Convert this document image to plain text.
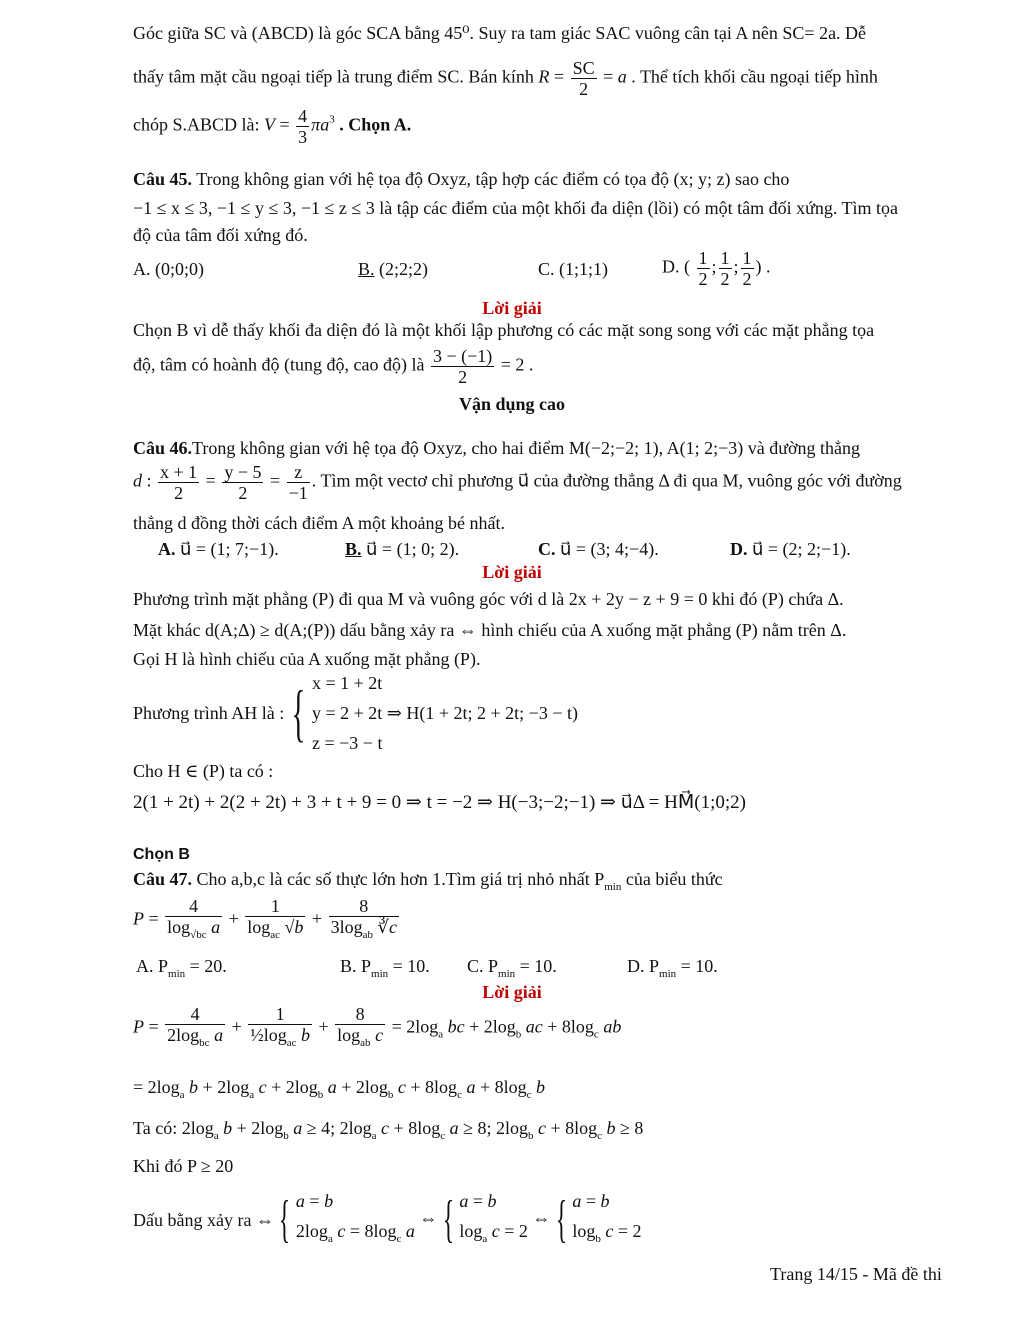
Góc giữa SC và (ABCD) là góc SCA bằng 45⁰. Suy ra tam giác SAC vuông cân tại A nên SC= 2a. Dễ
thấy tâm mặt cầu ngoại tiếp là trung điểm SC. Bán kính $R = \frac{SC}{2} = a$ . Thể tích khối cầu ngoại tiếp hình
chóp S.ABCD là: $V = \frac{4}{3} \pi a^3$ . Chọn A.
Câu 45. Trong không gian với hệ tọa độ Oxyz, tập hợp các điểm có tọa độ (x; y; z) sao cho
−1 ≤ x ≤ 3, −1 ≤ y ≤ 3, −1 ≤ z ≤ 3 là tập các điểm của một khối đa diện (lồi) có một tâm đối xứng. Tìm tọa
độ của tâm đối xứng đó.
A. (0;0;0)	B. (2;2;2)	C. (1;1;1)	D. ( $\frac{1}{2}$ ; $\frac{1}{2}$ ; $\frac{1}{2}$ ) .
Lời giải
Chọn B vì dễ thấy khối đa diện đó là một khối lập phương có các mặt song song với các mặt phẳng tọa
độ, tâm có hoành độ (tung độ, cao độ) là $\frac{3 - (-1)}{2} = 2$ .
Vận dụng cao
Câu 46.Trong không gian với hệ tọa độ Oxyz, cho hai điểm M(−2;−2; 1), A(1; 2;−3) và đường thẳng
d : $\frac{x + 1}{2} = \frac{y - 5}{2} = \frac{z}{-1}$ . Tìm một vectơ chỉ phương u⃗ của đường thẳng Δ đi qua M, vuông góc với đường
thẳng d đồng thời cách điểm A một khoảng bé nhất.
A. u⃗ = (1; 7;−1).	B. u⃗ = (1; 0; 2).	C. u⃗ = (3; 4;−4).	D. u⃗ = (2; 2;−1).
Lời giải
Phương trình mặt phẳng (P) đi qua M và vuông góc với d là 2x + 2y − z + 9 = 0 khi đó (P) chứa Δ.
Mặt khác d(A;Δ) ≥ d(A;(P)) dấu bằng xảy ra ⇔ hình chiếu của A xuống mặt phẳng (P) nằm trên Δ.
Gọi H là hình chiếu của A xuống mặt phẳng (P).
Phương trình AH là : { x = 1 + 2t
y = 2 + 2t ⇒ H(1 + 2t; 2 + 2t; −3 − t)
z = −3 − t
Cho H ∈ (P) ta có :
2(1 + 2t) + 2(2 + 2t) + 3 + t + 9 = 0 ⇒ t = −2 ⇒ H(−3;−2;−1) ⇒ u⃗Δ = HM⃗(1;0;2)
Chọn B
Câu 47. Cho a,b,c là các số thực lớn hơn 1.Tìm giá trị nhỏ nhất $P_{min}$ của biểu thức
$P = \frac{4}{\log_{√bc} a} + \frac{1}{\log_{ac} √b} + \frac{8}{3\log_{ab} ∛c}$
A. $P_{min} = 20$.	B. $P_{min} = 10$. C. $P_{min} = 10$.	D. $P_{min} = 10$.
Lời giải
$P = \frac{4}{2\log_{bc} a} + \frac{1}{\frac{1}{2}\log_{ac} b} + \frac{8}{\log_{ab} c} = 2\log_a$ bc + $2\log_b$ ac + $8\log_c$ ab
= $2\log_a$ $b + 2\log_a$ $c + 2\log_b$ $a + 2\log_b$ $c + 8\log_c$ $a + 8\log_c$ b
Ta có: $2\log_a$ $b + 2\log_b$ a ≥ 4; $2\log_a$ $c + 8\log_c$ a ≥ 8; $2\log_b$ $c + 8\log_c$ b ≥ 8
Khi đó P ≥ 20
Dấu bằng xảy ra ⇔ { a = b
$2\log_a$ $c = 8\log_c$ a
⇔ { a = b
$\log_a c = 2$
⇔ { a = b
$\log_b c = 2$
Trang 14/15 - Mã đề thi
